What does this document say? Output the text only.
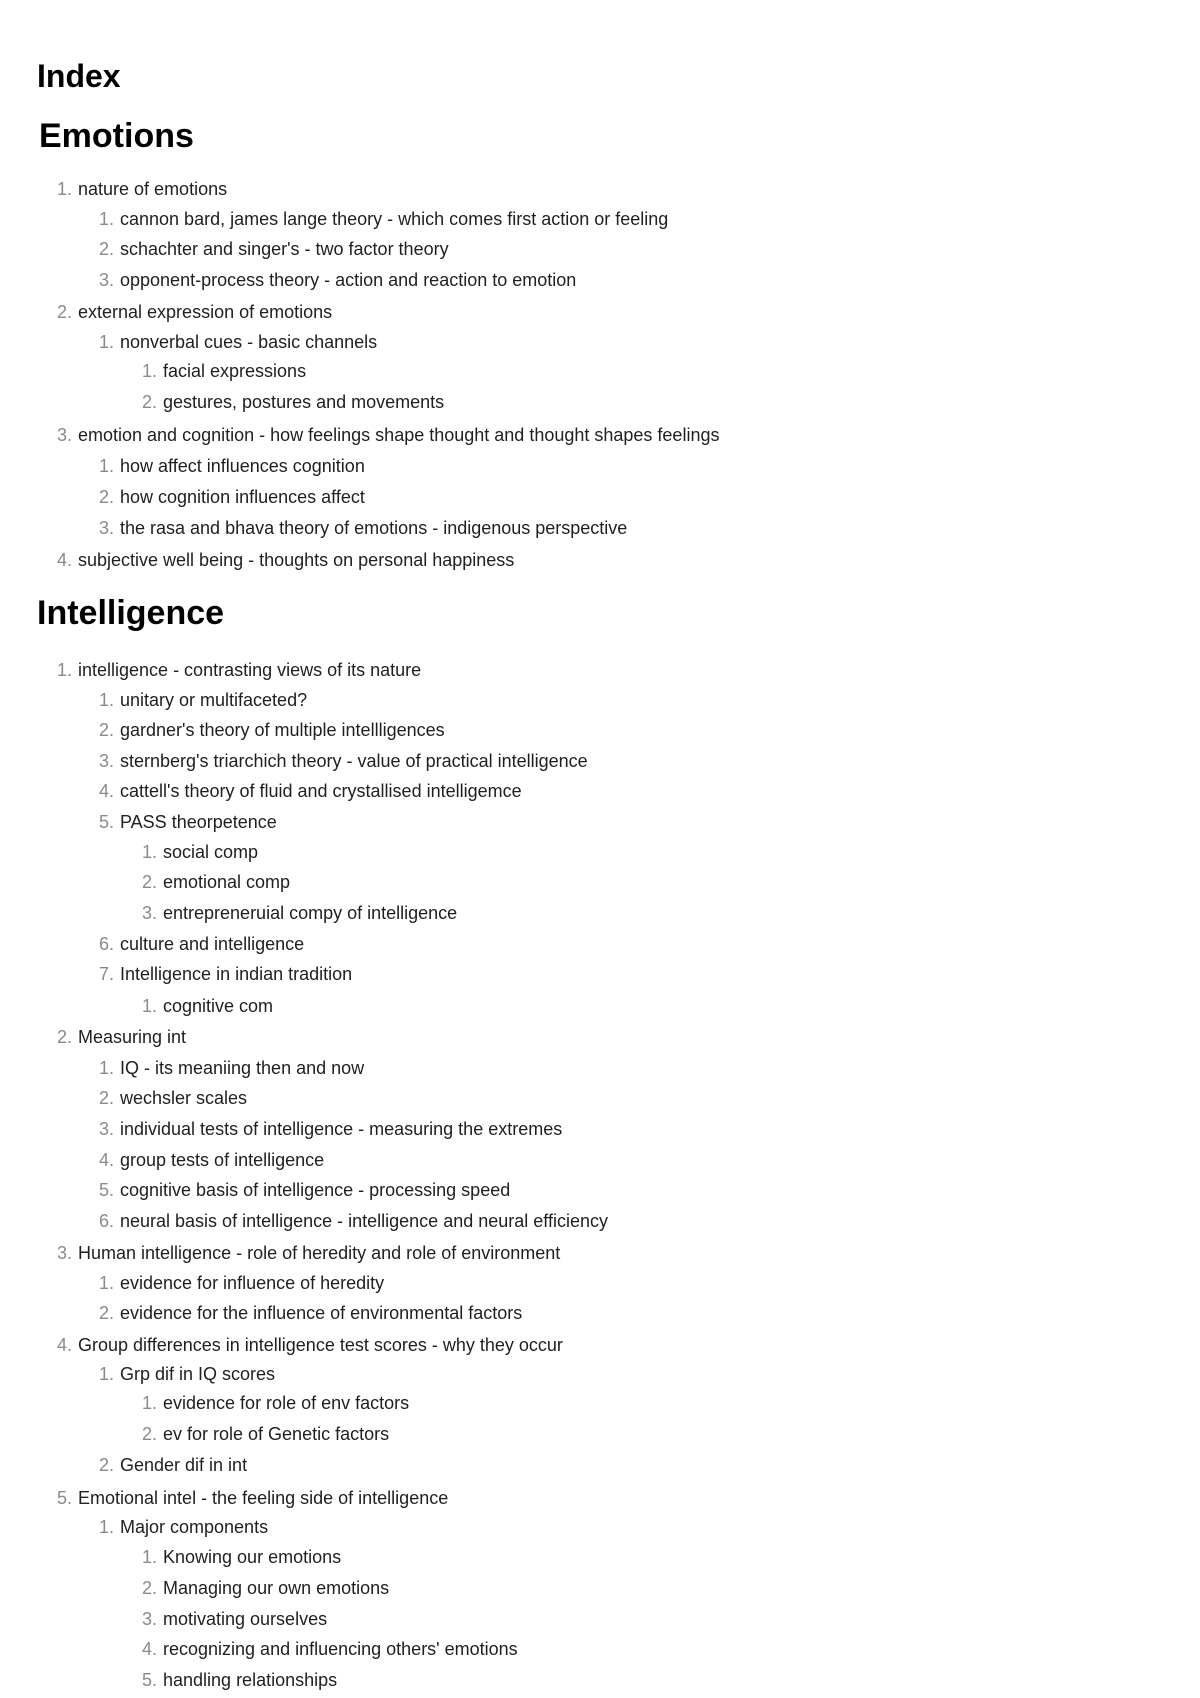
Index
Emotions
Intelligence
1. nature of emotions
1. cannon bard, james lange theory - which comes first action or feeling
2. schachter and singer's - two factor theory
3. opponent-process theory - action and reaction to emotion
2. external expression of emotions
1. nonverbal cues - basic channels
1. facial expressions
2. gestures, postures and movements
3. emotion and cognition - how feelings shape thought and thought shapes feelings
1. how affect influences cognition
2. how cognition influences affect
3. the rasa and bhava theory of emotions - indigenous perspective
4. subjective well being - thoughts on personal happiness
1. intelligence - contrasting views of its nature
1. unitary or multifaceted?
2. gardner's theory of multiple intellligences
3. sternberg's triarchich theory - value of practical intelligence
4. cattell's theory of fluid and crystallised intelligemce
5. PASS theorpetence
1. social comp
2. emotional comp
3. entrepreneruial compy of intelligence
6. culture and intelligence
7. Intelligence in indian tradition
1. cognitive com
2. Measuring int
1. IQ - its meaniing then and now
2. wechsler scales
3. individual tests of intelligence - measuring the extremes
4. group tests of intelligence
5. cognitive basis of intelligence - processing speed
6. neural basis of intelligence - intelligence and neural efficiency
3. Human intelligence - role of heredity and role of environment
1. evidence for influence of heredity
2. evidence for the influence of environmental factors
4. Group differences in intelligence test scores - why they occur
1. Grp dif in IQ scores
1. evidence for role of env factors
2. ev for role of Genetic factors
2. Gender dif in int
5. Emotional intel - the feeling side of intelligence
1. Major components
1. Knowing our emotions
2. Managing our own emotions
3. motivating ourselves
4. recognizing and influencing others' emotions
5. handling relationships
